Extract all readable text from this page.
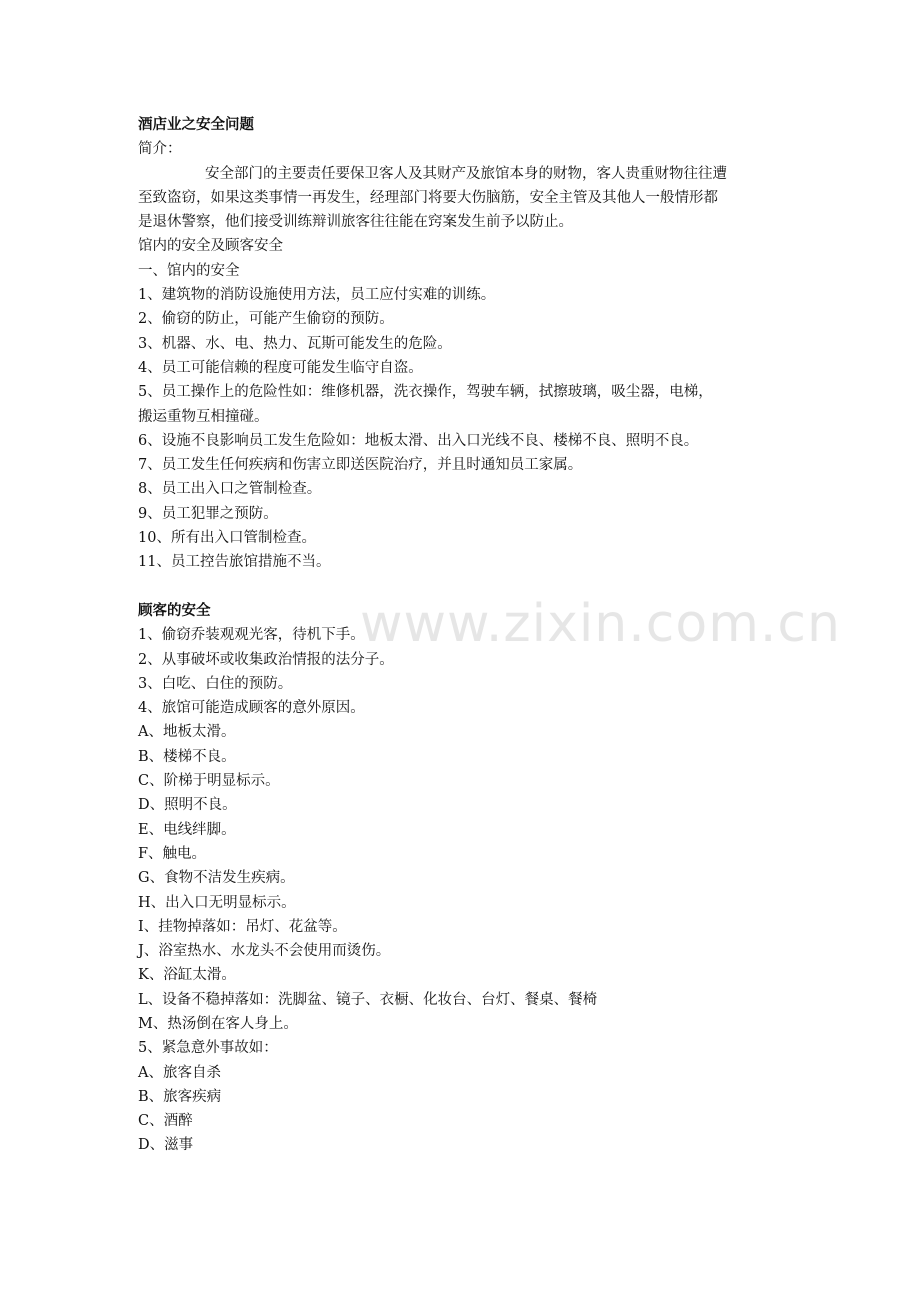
酒店业之安全问题
简介：
安全部门的主要责任要保卫客人及其财产及旅馆本身的财物，客人贵重财物往往遭
至致盗窃，如果这类事情一再发生，经理部门将要大伤脑筋，安全主管及其他人一般情形都
是退休警察，他们接受训练辩训旅客往往能在窍案发生前予以防止。
馆内的安全及顾客安全
一、馆内的安全
1、建筑物的消防设施使用方法，员工应付实难的训练。
2、偷窃的防止，可能产生偷窃的预防。
3、机器、水、电、热力、瓦斯可能发生的危险。
4、员工可能信赖的程度可能发生临守自盗。
5、员工操作上的危险性如：维修机器，洗衣操作，驾驶车辆，拭擦玻璃，吸尘器，电梯，
搬运重物互相撞碰。
6、设施不良影响员工发生危险如：地板太滑、出入口光线不良、楼梯不良、照明不良。
7、员工发生任何疾病和伤害立即送医院治疗，并且时通知员工家属。
8、员工出入口之管制检查。
9、员工犯罪之预防。
10、所有出入口管制检查。
11、员工控告旅馆措施不当。
顾客的安全
1、偷窃乔装观观光客，待机下手。
2、从事破坏或收集政治情报的法分子。
3、白吃、白住的预防。
4、旅馆可能造成顾客的意外原因。
A、地板太滑。
B、楼梯不良。
C、阶梯于明显标示。
D、照明不良。
E、电线绊脚。
F、触电。
G、食物不洁发生疾病。
H、出入口无明显标示。
I、挂物掉落如：吊灯、花盆等。
J、浴室热水、水龙头不会使用而烫伤。
K、浴缸太滑。
L、设备不稳掉落如：洗脚盆、镜子、衣橱、化妆台、台灯、餐桌、餐椅
M、热汤倒在客人身上。
5、紧急意外事故如：
A、旅客自杀
B、旅客疾病
C、酒醉
D、滋事
www.zixin.com.cn
